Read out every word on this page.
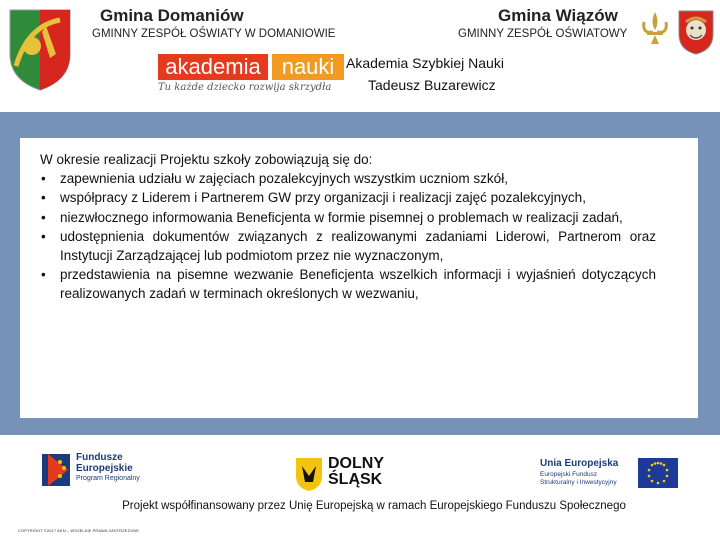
Gmina Domaniów
GMINNY ZESPÓŁ OŚWIATY W DOMANIOWIE
Gmina Wiązów
GMINNY ZESPÓŁ OŚWIATOWY
akademia nauki
Tu każde dziecko rozwija skrzydła
Akademia Szybkiej Nauki
Tadeusz Buzarewicz

W okresie realizacji Projektu szkoły zobowiązują się do:

• zapewnienia udziału w zajęciach pozalekcyjnych wszystkim uczniom szkół,
• współpracy z Liderem i Partnerem GW przy organizacji i realizacji zajęć pozalekcyjnych,
• niezwłocznego informowania Beneficjenta w formie pisemnej o problemach w realizacji zadań,
• udostępnienia dokumentów związanych z realizowanymi zadaniami Liderowi, Partnerom oraz Instytucji Zarządzającej lub podmiotom przez nie wyznaczonym,
• przedstawienia na pisemne wezwanie Beneficjenta wszelkich informacji i wyjaśnień dotyczących realizowanych zadań w terminach określonych w wezwaniu,
Fundusze
Europejskie
Program Regionalny
DOLNY
ŚLĄSK
Unia Europejska
Europejski Fundusz
Strukturalny i Inwestycyjny
Projekt współfinansowany przez Unię Europejską w ramach Europejskiego Funduszu Społecznego
COPYRIGHT ©2017 AKN – WSZELKIE PRAWA ZASTRZEŻONE
